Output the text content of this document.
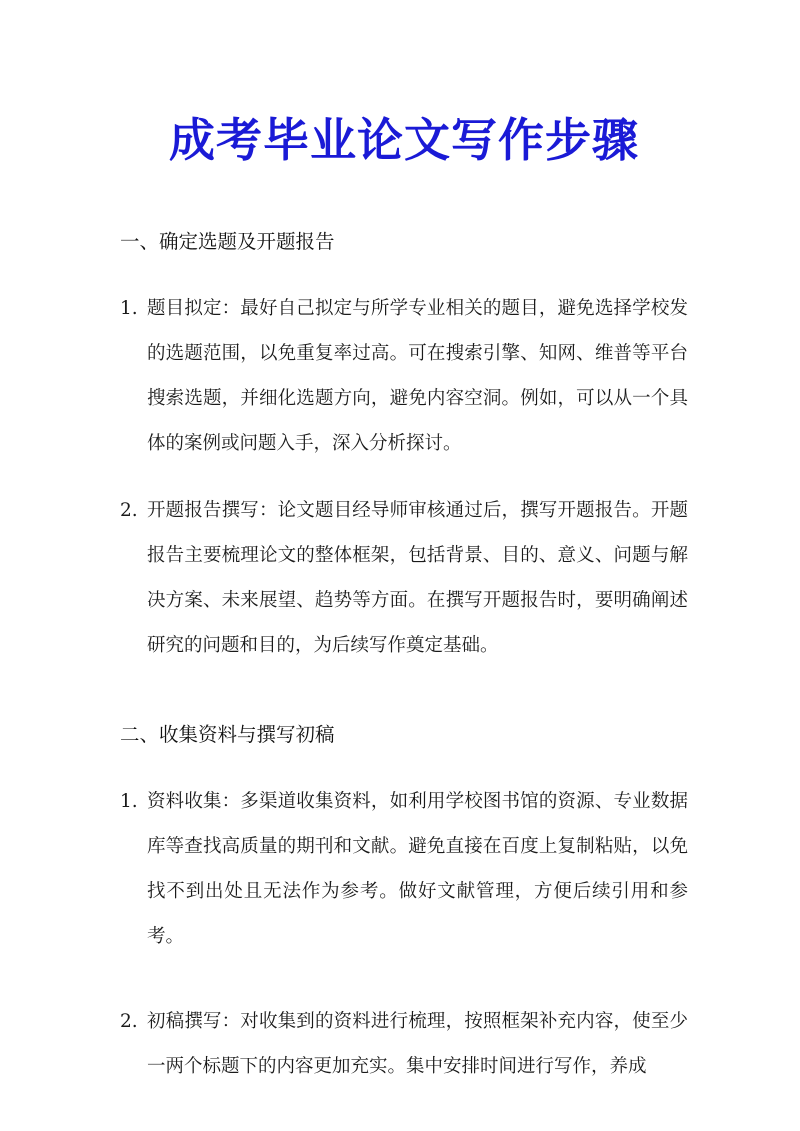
成考毕业论文写作步骤
一、确定选题及开题报告
1. 题目拟定：最好自己拟定与所学专业相关的题目，避免选择学校发的选题范围，以免重复率过高。可在搜索引擎、知网、维普等平台搜索选题，并细化选题方向，避免内容空洞。例如，可以从一个具体的案例或问题入手，深入分析探讨。
2. 开题报告撰写：论文题目经导师审核通过后，撰写开题报告。开题报告主要梳理论文的整体框架，包括背景、目的、意义、问题与解决方案、未来展望、趋势等方面。在撰写开题报告时，要明确阐述研究的问题和目的，为后续写作奠定基础。
二、收集资料与撰写初稿
1. 资料收集：多渠道收集资料，如利用学校图书馆的资源、专业数据库等查找高质量的期刊和文献。避免直接在百度上复制粘贴，以免找不到出处且无法作为参考。做好文献管理，方便后续引用和参考。
2. 初稿撰写：对收集到的资料进行梳理，按照框架补充内容，使至少一两个标题下的内容更加充实。集中安排时间进行写作，养成
